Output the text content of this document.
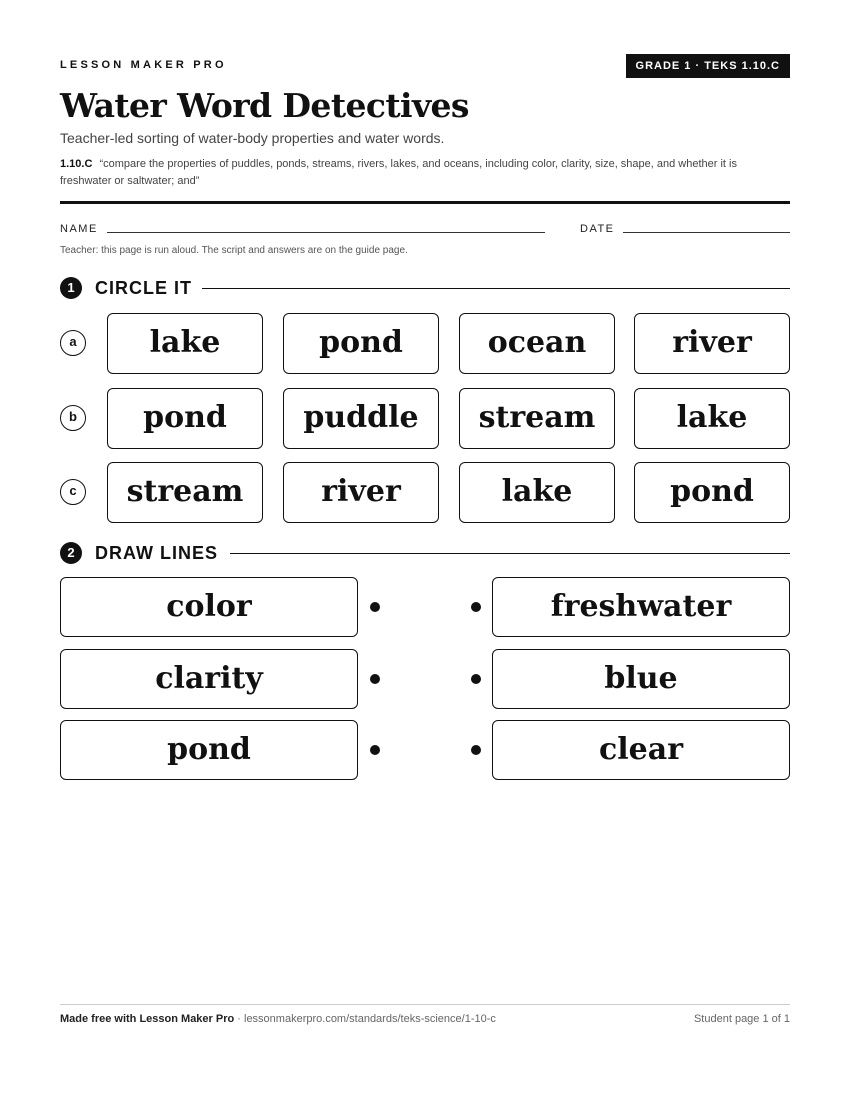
LESSON MAKER PRO	GRADE 1 · TEKS 1.10.C
Water Word Detectives
Teacher-led sorting of water-body properties and water words.
1.10.C “compare the properties of puddles, ponds, streams, rivers, lakes, and oceans, including color, clarity, size, shape, and whether it is freshwater or saltwater; and”
NAME	DATE
Teacher: this page is run aloud. The script and answers are on the guide page.
1	CIRCLE IT
a	lake	pond	ocean	river
b	pond	puddle	stream	lake
c	stream	river	lake	pond
2	DRAW LINES
color	freshwater
clarity	blue
pond	clear
Made free with Lesson Maker Pro · lessonmakerpro.com/standards/teks-science/1-10-c	Student page 1 of 1
